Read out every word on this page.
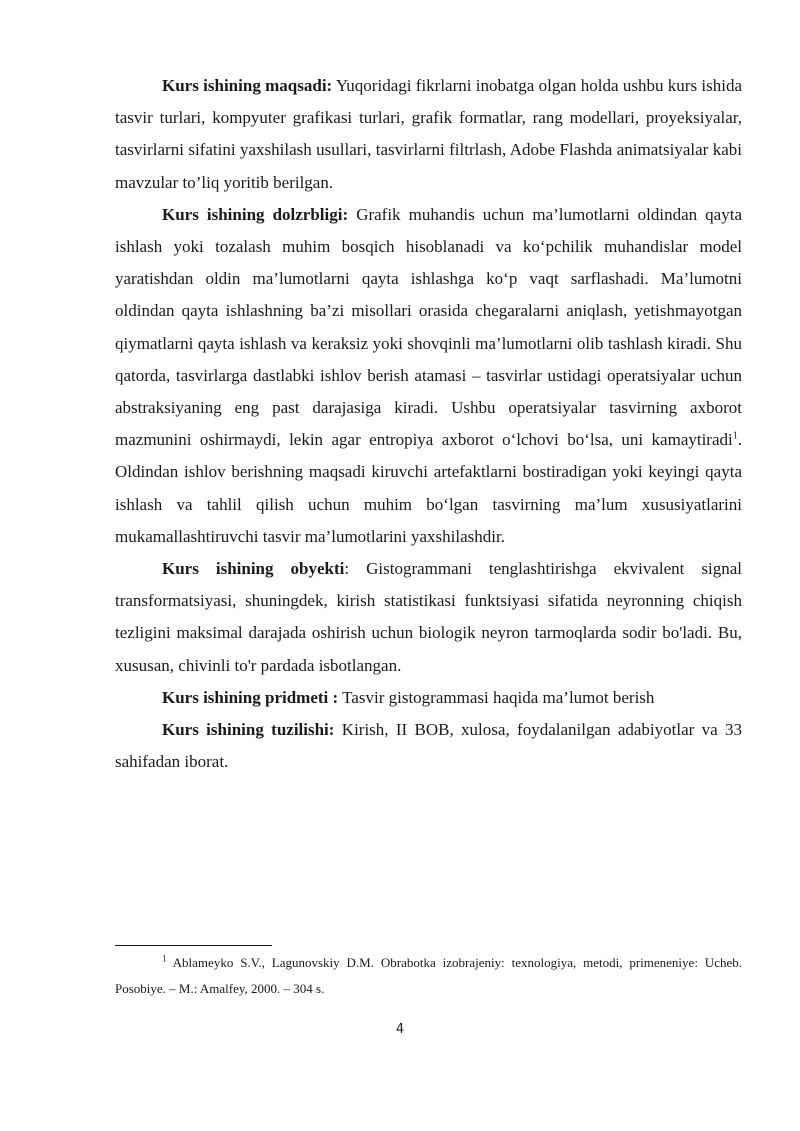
Kurs ishining maqsadi: Yuqoridagi fikrlarni inobatga olgan holda ushbu kurs ishida tasvir turlari, kompyuter grafikasi turlari, grafik formatlar, rang modellari, proyeksiyalar, tasvirlarni sifatini yaxshilash usullari, tasvirlarni filtrlash, Adobe Flashda animatsiyalar kabi mavzular to’liq yoritib berilgan.

Kurs ishining dolzrbligi: Grafik muhandis uchun ma’lumotlarni oldindan qayta ishlash yoki tozalash muhim bosqich hisoblanadi va ko‘pchilik muhandislar model yaratishdan oldin ma’lumotlarni qayta ishlashga ko‘p vaqt sarflashadi. Ma’lumotni oldindan qayta ishlashning ba’zi misollari orasida chegaralarni aniqlash, yetishmayotgan qiymatlarni qayta ishlash va keraksiz yoki shovqinli ma’lumotlarni olib tashlash kiradi. Shu qatorda, tasvirlarga dastlabki ishlov berish atamasi – tasvirlar ustidagi operatsiyalar uchun abstraksiyaning eng past darajasiga kiradi. Ushbu operatsiyalar tasvirning axborot mazmunini oshirmaydi, lekin agar entropiya axborot o‘lchovi bo‘lsa, uni kamaytiradi$^1$. Oldindan ishlov berishning maqsadi kiruvchi artefaktlarni bostiradigan yoki keyingi qayta ishlash va tahlil qilish uchun muhim bo‘lgan tasvirning ma’lum xususiyatlarini mukamallashtiruvchi tasvir ma’lumotlarini yaxshilashdir.

Kurs ishining obyekti: Gistogrammani tenglashtirishga ekvivalent signal transformatsiyasi, shuningdek, kirish statistikasi funktsiyasi sifatida neyronning chiqish tezligini maksimal darajada oshirish uchun biologik neyron tarmoqlarda sodir bo'ladi. Bu, xususan, chivinli to'r pardada isbotlangan.

Kurs ishining pridmeti : Tasvir gistogrammasi haqida ma’lumot berish

Kurs ishining tuzilishi: Kirish, II BOB, xulosa, foydalanilgan adabiyotlar va 33 sahifadan iborat.

$^1$ Ablameyko S.V., Lagunovskiy D.M. Obrabotka izobrajeniy: texnologiya, metodi, primeneniye: Ucheb. Posobiye. – M.: Amalfey, 2000. – 304 s.

4
